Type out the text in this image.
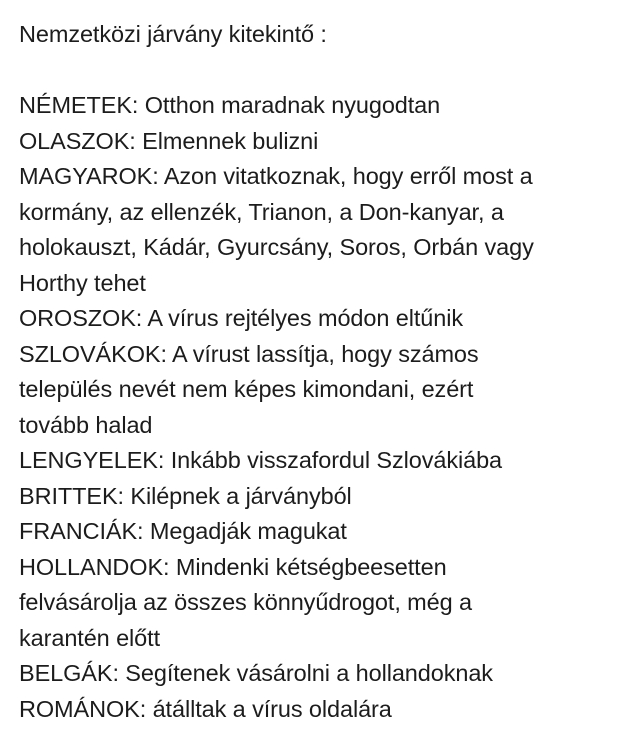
Nemzetközi járvány kitekintő :
NÉMETEK: Otthon maradnak nyugodtan
OLASZOK: Elmennek bulizni
MAGYAROK: Azon vitatkoznak, hogy erről most a
kormány, az ellenzék, Trianon, a Don-kanyar, a
holokauszt, Kádár, Gyurcsány, Soros, Orbán vagy
Horthy tehet
OROSZOK: A vírus rejtélyes módon eltűnik
SZLOVÁKOK: A vírust lassítja, hogy számos
település nevét nem képes kimondani, ezért
tovább halad
LENGYELEK: Inkább visszafordul Szlovákiába
BRITTEK: Kilépnek a járványból
FRANCIÁK: Megadják magukat
HOLLANDOK: Mindenki kétségbeesetten
felvásárolja az összes könnyűdrogot, még a
karantén előtt
BELGÁK: Segítenek vásárolni a hollandoknak
ROMÁNOK: átálltak a vírus oldalára
